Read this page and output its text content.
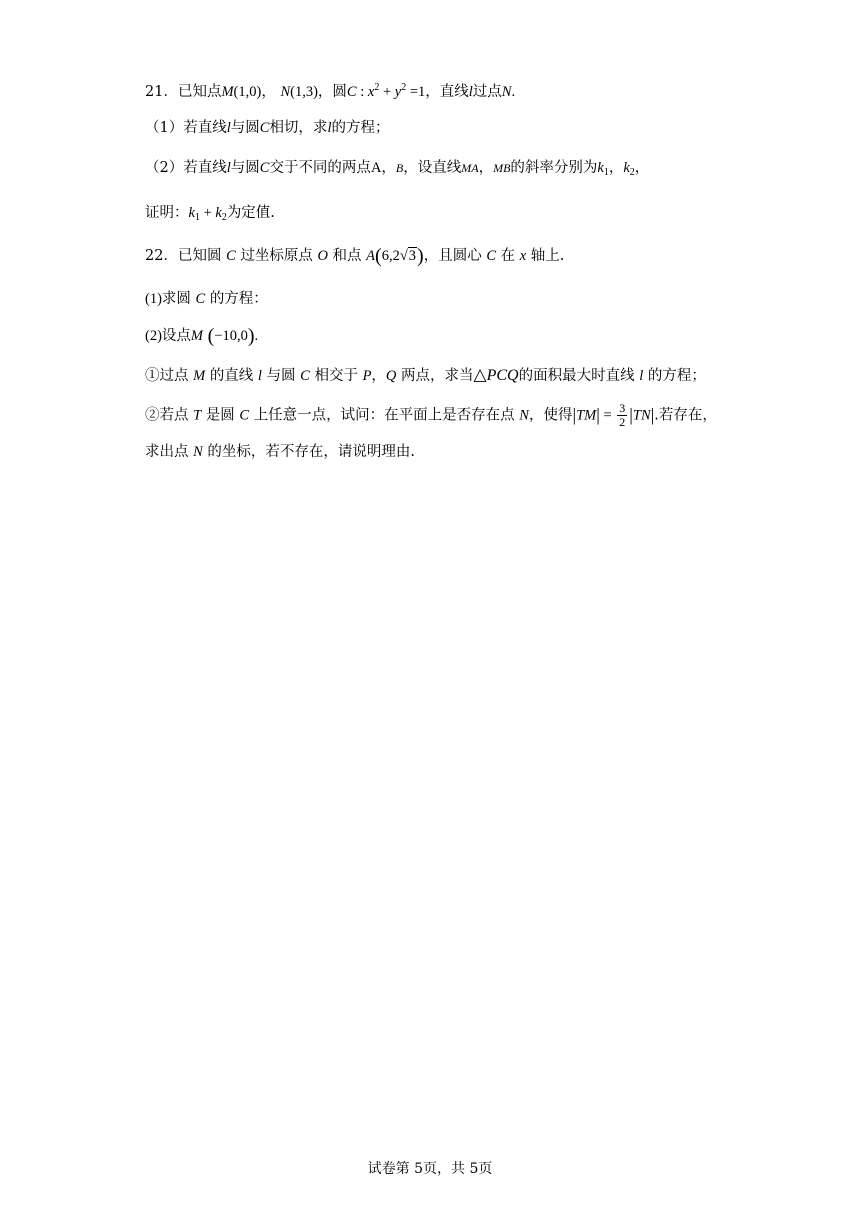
21．已知点M(1,0)， N(1,3)，圆C : $x^2 + y^2 =1$，直线l过点N.
（1）若直线l与圆C相切，求l的方程；
（2）若直线l与圆C交于不同的两点A，B，设直线MA，MB的斜率分别为$k_1$，$k_2$，
证明：$k_1 + k_2$为定值.
22．已知圆 C 过坐标原点 O 和点 A(6,2√3)，且圆心 C 在 x 轴上.
(1)求圆 C 的方程：
(2)设点M (−10,0).
①过点 M 的直线 l 与圆 C 相交于 P，Q 两点，求当△PCQ的面积最大时直线 l 的方程；
②若点 T 是圆 C 上任意一点，试问：在平面上是否存在点 N，使得$|TM| = \frac{3}{2} |TN|$.若存在，
求出点 N 的坐标，若不存在，请说明理由.
试卷第 5页，共 5页
